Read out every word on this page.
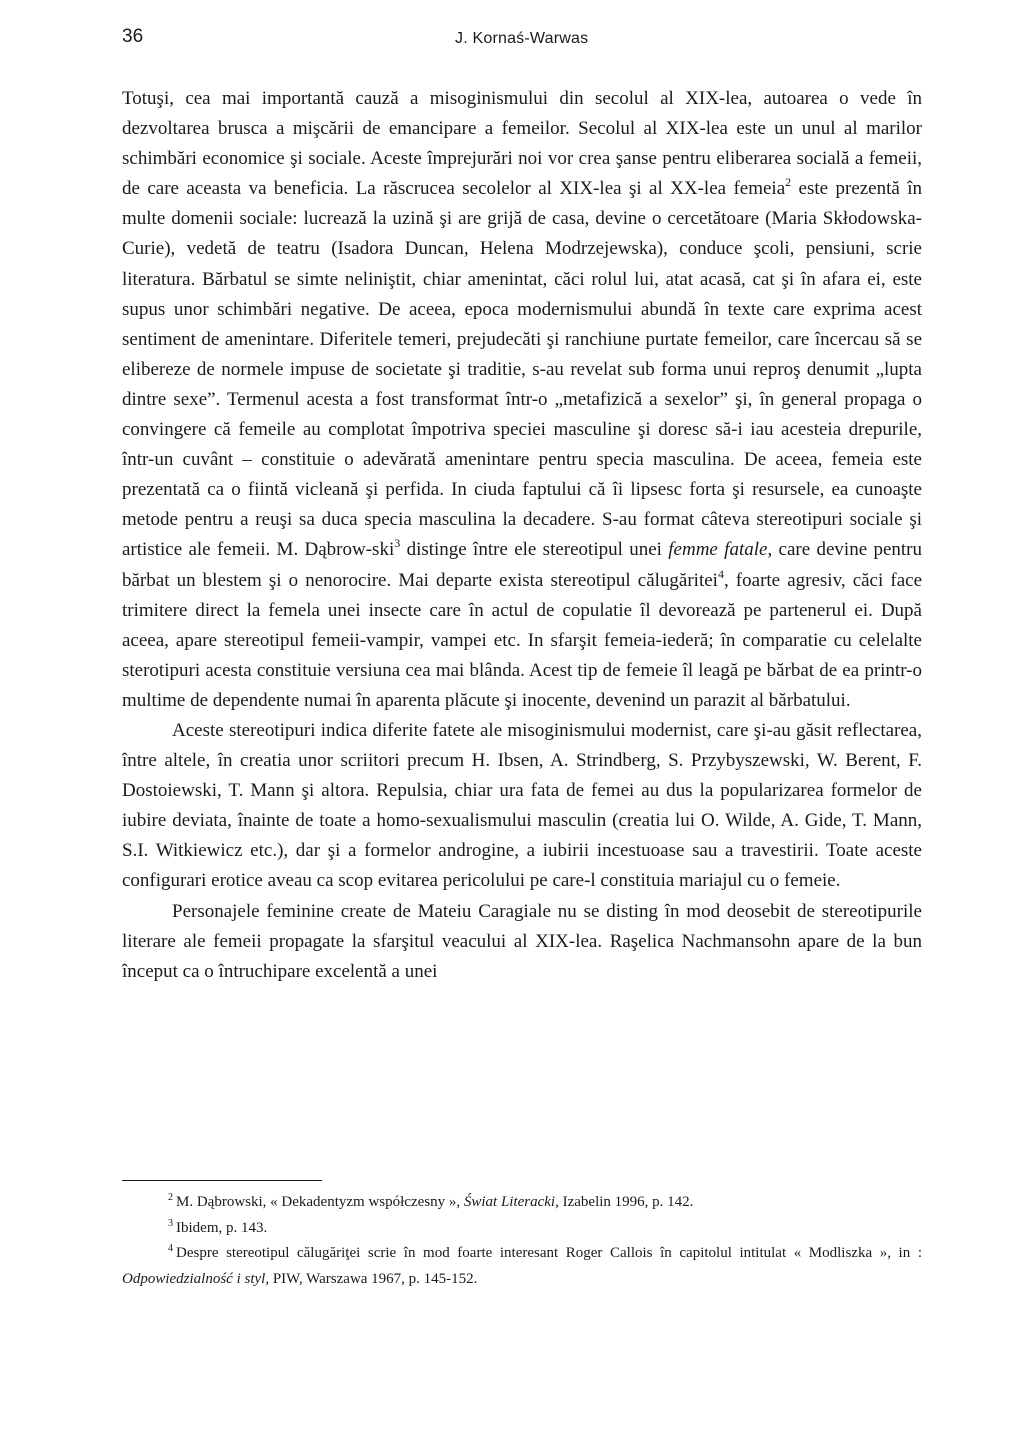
36	J. Kornaś-Warwas

Totuşi, cea mai importantă cauză a misoginismului din secolul al XIX-lea, autoarea o vede în dezvoltarea brusca a mişcării de emancipare a femeilor. Secolul al XIX-lea este un unul al marilor schimbări economice şi sociale. Aceste împrejurări noi vor crea şanse pentru eliberarea socială a femeii, de care aceasta va beneficia. La răscrucea secolelor al XIX-lea şi al XX-lea femeia$^2$ este prezentă în multe domenii sociale: lucrează la uzină şi are grijă de casa, devine o cercetătoare (Maria Skłodowska-Curie), vedetă de teatru (Isadora Duncan, Helena Modrzejewska), conduce şcoli, pensiuni, scrie literatura. Bărbatul se simte neliniştit, chiar amenintat, căci rolul lui, atat acasă, cat şi în afara ei, este supus unor schimbări negative. De aceea, epoca modernismului abundă în texte care exprima acest sentiment de amenintare. Diferitele temeri, prejudecăti şi ranchiune purtate femeilor, care încercau să se elibereze de normele impuse de societate şi traditie, s-au revelat sub forma unui reproş denumit „lupta dintre sexe”. Termenul acesta a fost transformat într-o „metafizică a sexelor” şi, în general propaga o convingere că femeile au complotat împotriva speciei masculine şi doresc să-i iau acesteia drepurile, într-un cuvânt – constituie o adevărată amenintare pentru specia masculina. De aceea, femeia este prezentată ca o fiintă vicleană şi perfida. In ciuda faptului că îi lipsesc forta şi resursele, ea cunoaşte metode pentru a reuşi sa duca specia masculina la decadere. S-au format câteva stereotipuri sociale şi artistice ale femeii. M. Dąbrow-ski$^3$ distinge între ele stereotipul unei femme fatale, care devine pentru bărbat un blestem şi o nenorocire. Mai departe exista stereotipul călugăritei$^4$, foarte agresiv, căci face trimitere direct la femela unei insecte care în actul de copulatie îl devorează pe partenerul ei. După aceea, apare stereotipul femeii-vampir, vampei etc. In sfarşit femeia-iederă; în comparatie cu celelalte sterotipuri acesta constituie versiuna cea mai blânda. Acest tip de femeie îl leagă pe bărbat de ea printr-o multime de dependente numai în aparenta plăcute şi inocente, devenind un parazit al bărbatului.

Aceste stereotipuri indica diferite fatete ale misoginismului modernist, care şi-au găsit reflectarea, între altele, în creatia unor scriitori precum H. Ibsen, A. Strindberg, S. Przybyszewski, W. Berent, F. Dostoiewski, T. Mann şi altora. Repulsia, chiar ura fata de femei au dus la popularizarea formelor de iubire deviata, înainte de toate a homo-sexualismului masculin (creatia lui O. Wilde, A. Gide, T. Mann, S.I. Witkiewicz etc.), dar şi a formelor androgine, a iubirii incestuoase sau a travestirii. Toate aceste configurari erotice aveau ca scop evitarea pericolului pe care-l constituia mariajul cu o femeie.

Personajele feminine create de Mateiu Caragiale nu se disting în mod deosebit de stereotipurile literare ale femeii propagate la sfarşitul veacului al XIX-lea. Raşelica Nachmansohn apare de la bun început ca o întruchipare excelentă a unei

$^2$ M. Dąbrowski, « Dekadentyzm współczesny », Świat Literacki, Izabelin 1996, p. 142.

$^3$ Ibidem, p. 143.

$^4$ Despre stereotipul călugăriţei scrie în mod foarte interesant Roger Callois în capitolul intitulat « Modliszka », in : Odpowiedzialność i styl, PIW, Warszawa 1967, p. 145-152.
